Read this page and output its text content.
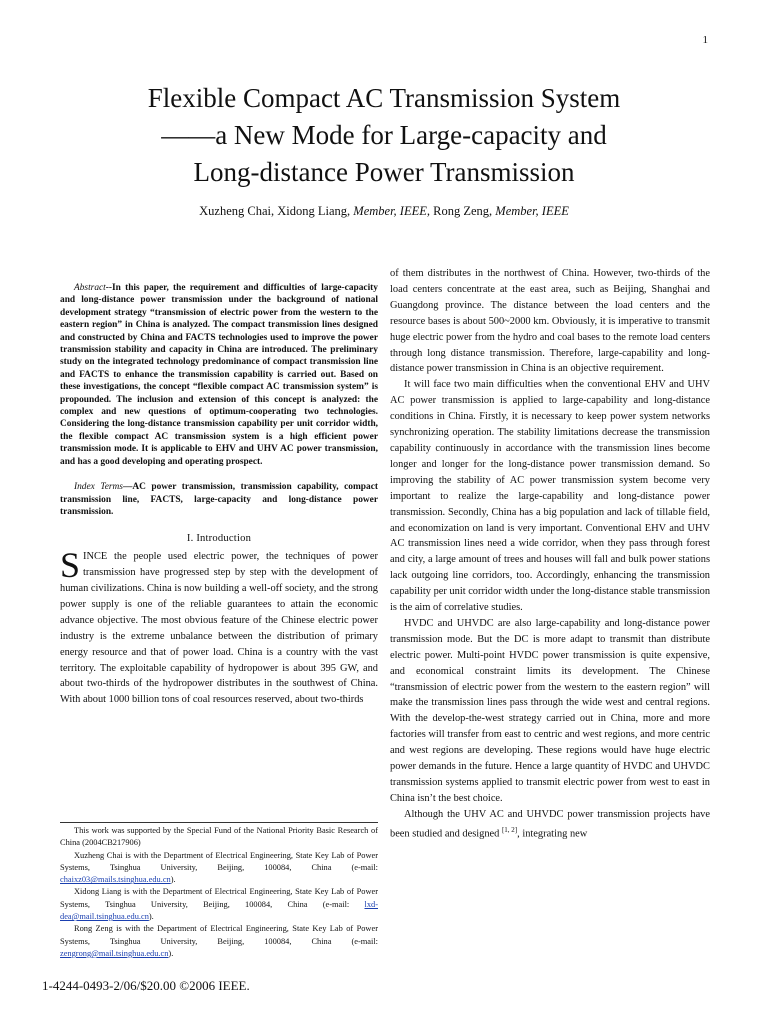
1
Flexible Compact AC Transmission System
——a New Mode for Large-capacity and
Long-distance Power Transmission
Xuzheng Chai, Xidong Liang, Member, IEEE, Rong Zeng, Member, IEEE

Abstract--In this paper, the requirement and difficulties of large-capacity and long-distance power transmission under the background of national development strategy “transmission of electric power from the western to the eastern region” in China is analyzed. The compact transmission lines designed and constructed by China and FACTS technologies used to improve the power transmission stability and capacity in China are introduced. The preliminary study on the integrated technology predominance of compact transmission line and FACTS to enhance the transmission capability is carried out. Based on these investigations, the concept “flexible compact AC transmission system” is propounded. The inclusion and extension of this concept is analyzed: the complex and new questions of optimum-cooperating two technologies. Considering the long-distance transmission capability per unit corridor width, the flexible compact AC transmission system is a high efficient power transmission mode. It is applicable to EHV and UHV AC power transmission, and has a good developing and operating prospect.

Index Terms—AC power transmission, transmission capability, compact transmission line, FACTS, large-capacity and long-distance power transmission.

I. Introduction

SINCE the people used electric power, the techniques of power transmission have progressed step by step with the development of human civilizations. China is now building a well-off society, and the strong power supply is one of the reliable guarantees to attain the economic advance objective. The most obvious feature of the Chinese electric power industry is the extreme unbalance between the distribution of primary energy resource and that of power load. China is a country with the vast territory. The exploitable capability of hydropower is about 395 GW, and about two-thirds of the hydropower distributes in the southwest of China. With about 1000 billion tons of coal resources reserved, about two-thirds

This work was supported by the Special Fund of the National Priority Basic Research of China (2004CB217906)

Xuzheng Chai is with the Department of Electrical Engineering, State Key Lab of Power Systems, Tsinghua University, Beijing, 100084, China (e-mail: chaixz03@mails.tsinghua.edu.cn).

Xidong Liang is with the Department of Electrical Engineering, State Key Lab of Power Systems, Tsinghua University, Beijing, 100084, China (e-mail: lxd-dea@mail.tsinghua.edu.cn).

Rong Zeng is with the Department of Electrical Engineering, State Key Lab of Power Systems, Tsinghua University, Beijing, 100084, China (e-mail: zengrong@mail.tsinghua.edu.cn).

of them distributes in the northwest of China. However, two-thirds of the load centers concentrate at the east area, such as Beijing, Shanghai and Guangdong province. The distance between the load centers and the resource bases is about 500~2000 km. Obviously, it is imperative to transmit huge electric power from the hydro and coal bases to the remote load centers through long distance transmission. Therefore, large-capability and long-distance power transmission in China is an objective requirement.

It will face two main difficulties when the conventional EHV and UHV AC power transmission is applied to large-capability and long-distance conditions in China. Firstly, it is necessary to keep power system networks synchronizing operation. The stability limitations decrease the transmission capability continuously in accordance with the transmission lines become longer and longer for the long-distance power transmission demand. So improving the stability of AC power transmission system become very important to realize the large-capability and long-distance power transmission. Secondly, China has a big population and lack of tillable field, and economization on land is very important. Conventional EHV and UHV AC transmission lines need a wide corridor, when they pass through forest and city, a large amount of trees and houses will fall and bulk power stations lack outgoing line corridors, too. Accordingly, enhancing the transmission capability per unit corridor width under the long-distance stable transmission is the aim of correlative studies.

HVDC and UHVDC are also large-capability and long-distance power transmission mode. But the DC is more adapt to transmit than distribute electric power. Multi-point HVDC power transmission is quite expensive, and economical constraint limits its development. The Chinese “transmission of electric power from the western to the eastern region” will make the transmission lines pass through the wide west and central regions. With the develop-the-west strategy carried out in China, more and more factories will transfer from east to centric and west regions, and more centric and west regions are developing. These regions would have huge electric power demands in the future. Hence a large quantity of HVDC and UHVDC transmission systems applied to transmit electric power from west to east in China isn’t the best choice.

Although the UHV AC and UHVDC power transmission projects have been studied and designed [1, 2], integrating new

1-4244-0493-2/06/$20.00 ©2006 IEEE.
